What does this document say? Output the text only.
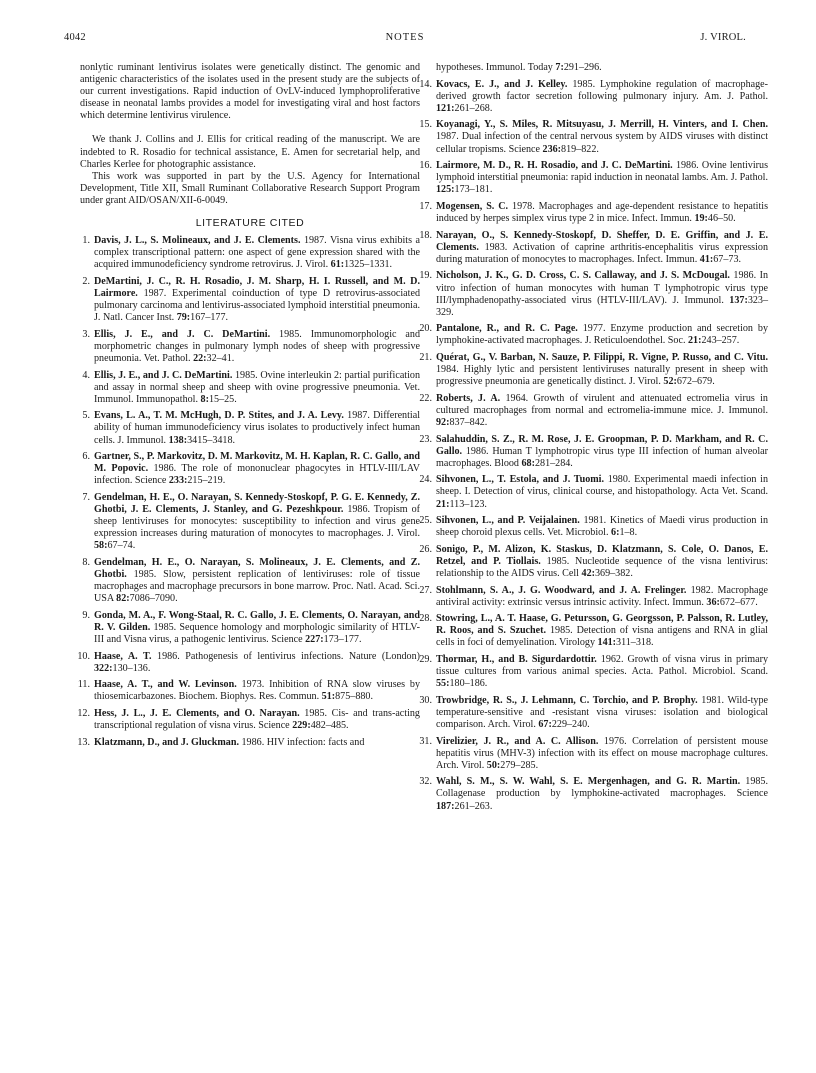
4042	NOTES	J. VIROL.

nonlytic ruminant lentivirus isolates were genetically distinct. The genomic and antigenic characteristics of the isolates used in the present study are the subjects of our current investigations. Rapid induction of OvLV-induced lymphoproliferative disease in neonatal lambs provides a model for investigating viral and host factors which determine lentivirus virulence.

We thank J. Collins and J. Ellis for critical reading of the manuscript. We are indebted to R. Rosadio for technical assistance, E. Amen for secretarial help, and Charles Kerlee for photographic assistance.

This work was supported in part by the U.S. Agency for International Development, Title XII, Small Ruminant Collaborative Research Support Program under grant AID/OSAN/XII-6-0049.

LITERATURE CITED
1. Davis, J. L., S. Molineaux, and J. E. Clements. 1987. Visna virus exhibits a complex transcriptional pattern: one aspect of gene expression shared with the acquired immunodeficiency syndrome retrovirus. J. Virol. 61:1325–1331.
2. DeMartini, J. C., R. H. Rosadio, J. M. Sharp, H. I. Russell, and M. D. Lairmore. 1987. Experimental coinduction of type D retrovirus-associated pulmonary carcinoma and lentivirus-associated lymphoid interstitial pneumonia. J. Natl. Cancer Inst. 79:167–177.
3. Ellis, J. E., and J. C. DeMartini. 1985. Immunomorphologic and morphometric changes in pulmonary lymph nodes of sheep with progressive pneumonia. Vet. Pathol. 22:32–41.
4. Ellis, J. E., and J. C. DeMartini. 1985. Ovine interleukin 2: partial purification and assay in normal sheep and sheep with ovine progressive pneumonia. Vet. Immunol. Immunopathol. 8:15–25.
5. Evans, L. A., T. M. McHugh, D. P. Stites, and J. A. Levy. 1987. Differential ability of human immunodeficiency virus isolates to productively infect human cells. J. Immunol. 138:3415–3418.
6. Gartner, S., P. Markovitz, D. M. Markovitz, M. H. Kaplan, R. C. Gallo, and M. Popovic. 1986. The role of mononuclear phagocytes in HTLV-III/LAV infection. Science 233:215–219.
7. Gendelman, H. E., O. Narayan, S. Kennedy-Stoskopf, P. G. E. Kennedy, Z. Ghotbi, J. E. Clements, J. Stanley, and G. Pezeshkpour. 1986. Tropism of sheep lentiviruses for monocytes: susceptibility to infection and virus gene expression increases during maturation of monocytes to macrophages. J. Virol. 58:67–74.
8. Gendelman, H. E., O. Narayan, S. Molineaux, J. E. Clements, and Z. Ghotbi. 1985. Slow, persistent replication of lentiviruses: role of tissue macrophages and macrophage precursors in bone marrow. Proc. Natl. Acad. Sci. USA 82:7086–7090.
9. Gonda, M. A., F. Wong-Staal, R. C. Gallo, J. E. Clements, O. Narayan, and R. V. Gilden. 1985. Sequence homology and morphologic similarity of HTLV-III and Visna virus, a pathogenic lentivirus. Science 227:173–177.
10. Haase, A. T. 1986. Pathogenesis of lentivirus infections. Nature (London) 322:130–136.
11. Haase, A. T., and W. Levinson. 1973. Inhibition of RNA slow viruses by thiosemicarbazones. Biochem. Biophys. Res. Commun. 51:875–880.
12. Hess, J. L., J. E. Clements, and O. Narayan. 1985. Cis- and trans-acting transcriptional regulation of visna virus. Science 229:482–485.
13. Klatzmann, D., and J. Gluckman. 1986. HIV infection: facts and
hypotheses. Immunol. Today 7:291–296.
14. Kovacs, E. J., and J. Kelley. 1985. Lymphokine regulation of macrophage-derived growth factor secretion following pulmonary injury. Am. J. Pathol. 121:261–268.
15. Koyanagi, Y., S. Miles, R. Mitsuyasu, J. Merrill, H. Vinters, and I. Chen. 1987. Dual infection of the central nervous system by AIDS viruses with distinct cellular tropisms. Science 236:819–822.
16. Lairmore, M. D., R. H. Rosadio, and J. C. DeMartini. 1986. Ovine lentivirus lymphoid interstitial pneumonia: rapid induction in neonatal lambs. Am. J. Pathol. 125:173–181.
17. Mogensen, S. C. 1978. Macrophages and age-dependent resistance to hepatitis induced by herpes simplex virus type 2 in mice. Infect. Immun. 19:46–50.
18. Narayan, O., S. Kennedy-Stoskopf, D. Sheffer, D. E. Griffin, and J. E. Clements. 1983. Activation of caprine arthritis-encephalitis virus expression during maturation of monocytes to macrophages. Infect. Immun. 41:67–73.
19. Nicholson, J. K., G. D. Cross, C. S. Callaway, and J. S. McDougal. 1986. In vitro infection of human monocytes with human T lymphotropic virus type III/lymphadenopathy-associated virus (HTLV-III/LAV). J. Immunol. 137:323–329.
20. Pantalone, R., and R. C. Page. 1977. Enzyme production and secretion by lymphokine-activated macrophages. J. Reticuloendothel. Soc. 21:243–257.
21. Quérat, G., V. Barban, N. Sauze, P. Filippi, R. Vigne, P. Russo, and C. Vitu. 1984. Highly lytic and persistent lentiviruses naturally present in sheep with progressive pneumonia are genetically distinct. J. Virol. 52:672–679.
22. Roberts, J. A. 1964. Growth of virulent and attenuated ectromelia virus in cultured macrophages from normal and ectromelia-immune mice. J. Immunol. 92:837–842.
23. Salahuddin, S. Z., R. M. Rose, J. E. Groopman, P. D. Markham, and R. C. Gallo. 1986. Human T lymphotropic virus type III infection of human alveolar macrophages. Blood 68:281–284.
24. Sihvonen, L., T. Estola, and J. Tuomi. 1980. Experimental maedi infection in sheep. I. Detection of virus, clinical course, and histopathology. Acta Vet. Scand. 21:113–123.
25. Sihvonen, L., and P. Veijalainen. 1981. Kinetics of Maedi virus production in sheep choroid plexus cells. Vet. Microbiol. 6:1–8.
26. Sonigo, P., M. Alizon, K. Staskus, D. Klatzmann, S. Cole, O. Danos, E. Retzel, and P. Tiollais. 1985. Nucleotide sequence of the visna lentivirus: relationship to the AIDS virus. Cell 42:369–382.
27. Stohlmann, S. A., J. G. Woodward, and J. A. Frelinger. 1982. Macrophage antiviral activity: extrinsic versus intrinsic activity. Infect. Immun. 36:672–677.
28. Stowring, L., A. T. Haase, G. Petursson, G. Georgsson, P. Palsson, R. Lutley, R. Roos, and S. Szuchet. 1985. Detection of visna antigens and RNA in glial cells in foci of demyelination. Virology 141:311–318.
29. Thormar, H., and B. Sigurdardottir. 1962. Growth of visna virus in primary tissue cultures from various animal species. Acta. Pathol. Microbiol. Scand. 55:180–186.
30. Trowbridge, R. S., J. Lehmann, C. Torchio, and P. Brophy. 1981. Wild-type temperature-sensitive and -resistant visna viruses: isolation and biological comparison. Arch. Virol. 67:229–240.
31. Virelizier, J. R., and A. C. Allison. 1976. Correlation of persistent mouse hepatitis virus (MHV-3) infection with its effect on mouse macrophage cultures. Arch. Virol. 50:279–285.
32. Wahl, S. M., S. W. Wahl, S. E. Mergenhagen, and G. R. Martin. 1985. Collagenase production by lymphokine-activated macrophages. Science 187:261–263.
